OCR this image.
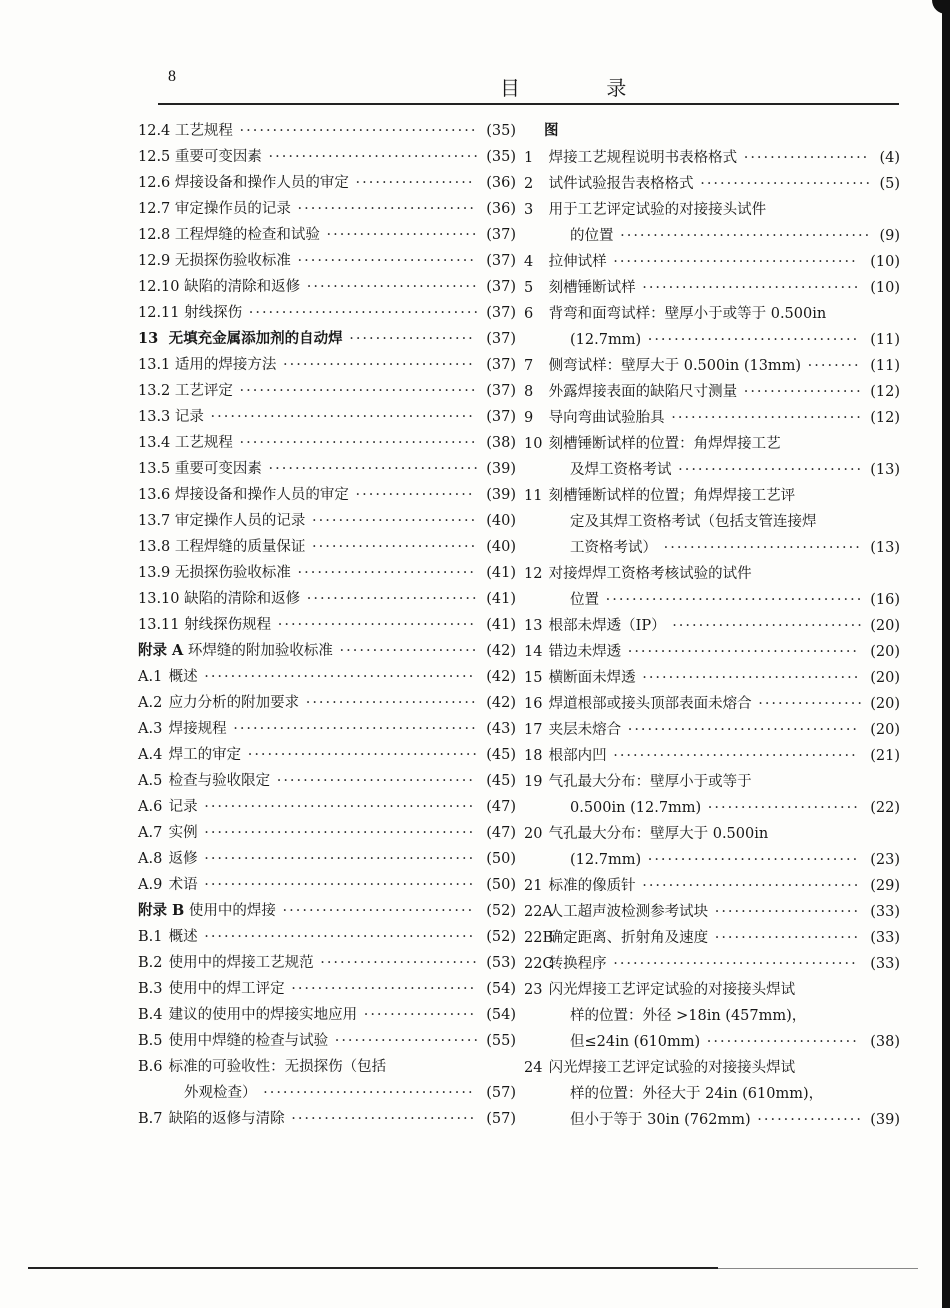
8	目 录
12.4 工艺规程 ···································· (35)
12.5 重要可变因素 ································ (35)
12.6 焊接设备和操作人员的审定 ·················· (36)
12.7 审定操作员的记录 ··························· (36)
12.8 工程焊缝的检查和试验 ······················· (37)
12.9 无损探伤验收标准 ··························· (37)
12.10 缺陷的清除和返修 ·························· (37)
12.11 射线探伤 ··································· (37)
13 无填充金属添加剂的自动焊 ··················· (37)
13.1 适用的焊接方法 ····························· (37)
13.2 工艺评定 ···································· (37)
13.3 记录 ········································ (37)
13.4 工艺规程 ···································· (38)
13.5 重要可变因素 ································ (39)
13.6 焊接设备和操作人员的审定 ·················· (39)
13.7 审定操作人员的记录 ························· (40)
13.8 工程焊缝的质量保证 ························· (40)
13.9 无损探伤验收标准 ··························· (41)
13.10 缺陷的清除和返修 ·························· (41)
13.11 射线探伤规程 ······························ (41)
附录 A 环焊缝的附加验收标准 ····················· (42)
A.1 概述 ········································· (42)
A.2 应力分析的附加要求 ·························· (42)
A.3 焊接规程 ····································· (43)
A.4 焊工的审定 ··································· (45)
A.5 检查与验收限定 ······························ (45)
A.6 记录 ········································· (47)
A.7 实例 ········································· (47)
A.8 返修 ········································· (50)
A.9 术语 ········································· (50)
附录 B 使用中的焊接 ····························· (52)
B.1 概述 ········································· (52)
B.2 使用中的焊接工艺规范 ························ (53)
B.3 使用中的焊工评定 ···························· (54)
B.4 建议的使用中的焊接实地应用 ················· (54)
B.5 使用中焊缝的检查与试验 ······················ (55)
B.6 标准的可验收性：无损探伤（包括
外观检查） ································ (57)
B.7 缺陷的返修与清除 ···························· (57)
图
1 焊接工艺规程说明书表格格式 ··················· (4)
2 试件试验报告表格格式 ·························· (5)
3 用于工艺评定试验的对接接头试件
的位置 ······································ (9)
4 拉伸试样 ····································· (10)
5 刻槽锤断试样 ································· (10)
6 背弯和面弯试样：壁厚小于或等于 0.500in
(12.7mm) ································ (11)
7 侧弯试样：壁厚大于 0.500in (13mm) ········ (11)
8 外露焊接表面的缺陷尺寸测量 ·················· (12)
9 导向弯曲试验胎具 ····························· (12)
10 刻槽锤断试样的位置：角焊焊接工艺
及焊工资格考试 ···························· (13)
11 刻槽锤断试样的位置；角焊焊接工艺评
定及其焊工资格考试（包括支管连接焊
工资格考试） ······························ (13)
12 对接焊焊工资格考核试验的试件
位置 ······································· (16)
13 根部未焊透（IP） ····························· (20)
14 错边未焊透 ··································· (20)
15 横断面未焊透 ································· (20)
16 焊道根部或接头顶部表面未熔合 ················ (20)
17 夹层未熔合 ··································· (20)
18 根部内凹 ····································· (21)
19 气孔最大分布：壁厚小于或等于
0.500in (12.7mm) ······················· (22)
20 气孔最大分布：壁厚大于 0.500in
(12.7mm) ································ (23)
21 标准的像质针 ································· (29)
22A 人工超声波检测参考试块 ······················ (33)
22B 确定距离、折射角及速度 ······················ (33)
22C 转换程序 ····································· (33)
23 闪光焊接工艺评定试验的对接接头焊试
样的位置：外径 >18in (457mm)，
但≤24in (610mm) ······················· (38)
24 闪光焊接工艺评定试验的对接接头焊试
样的位置：外径大于 24in (610mm)，
但小于等于 30in (762mm) ················ (39)
